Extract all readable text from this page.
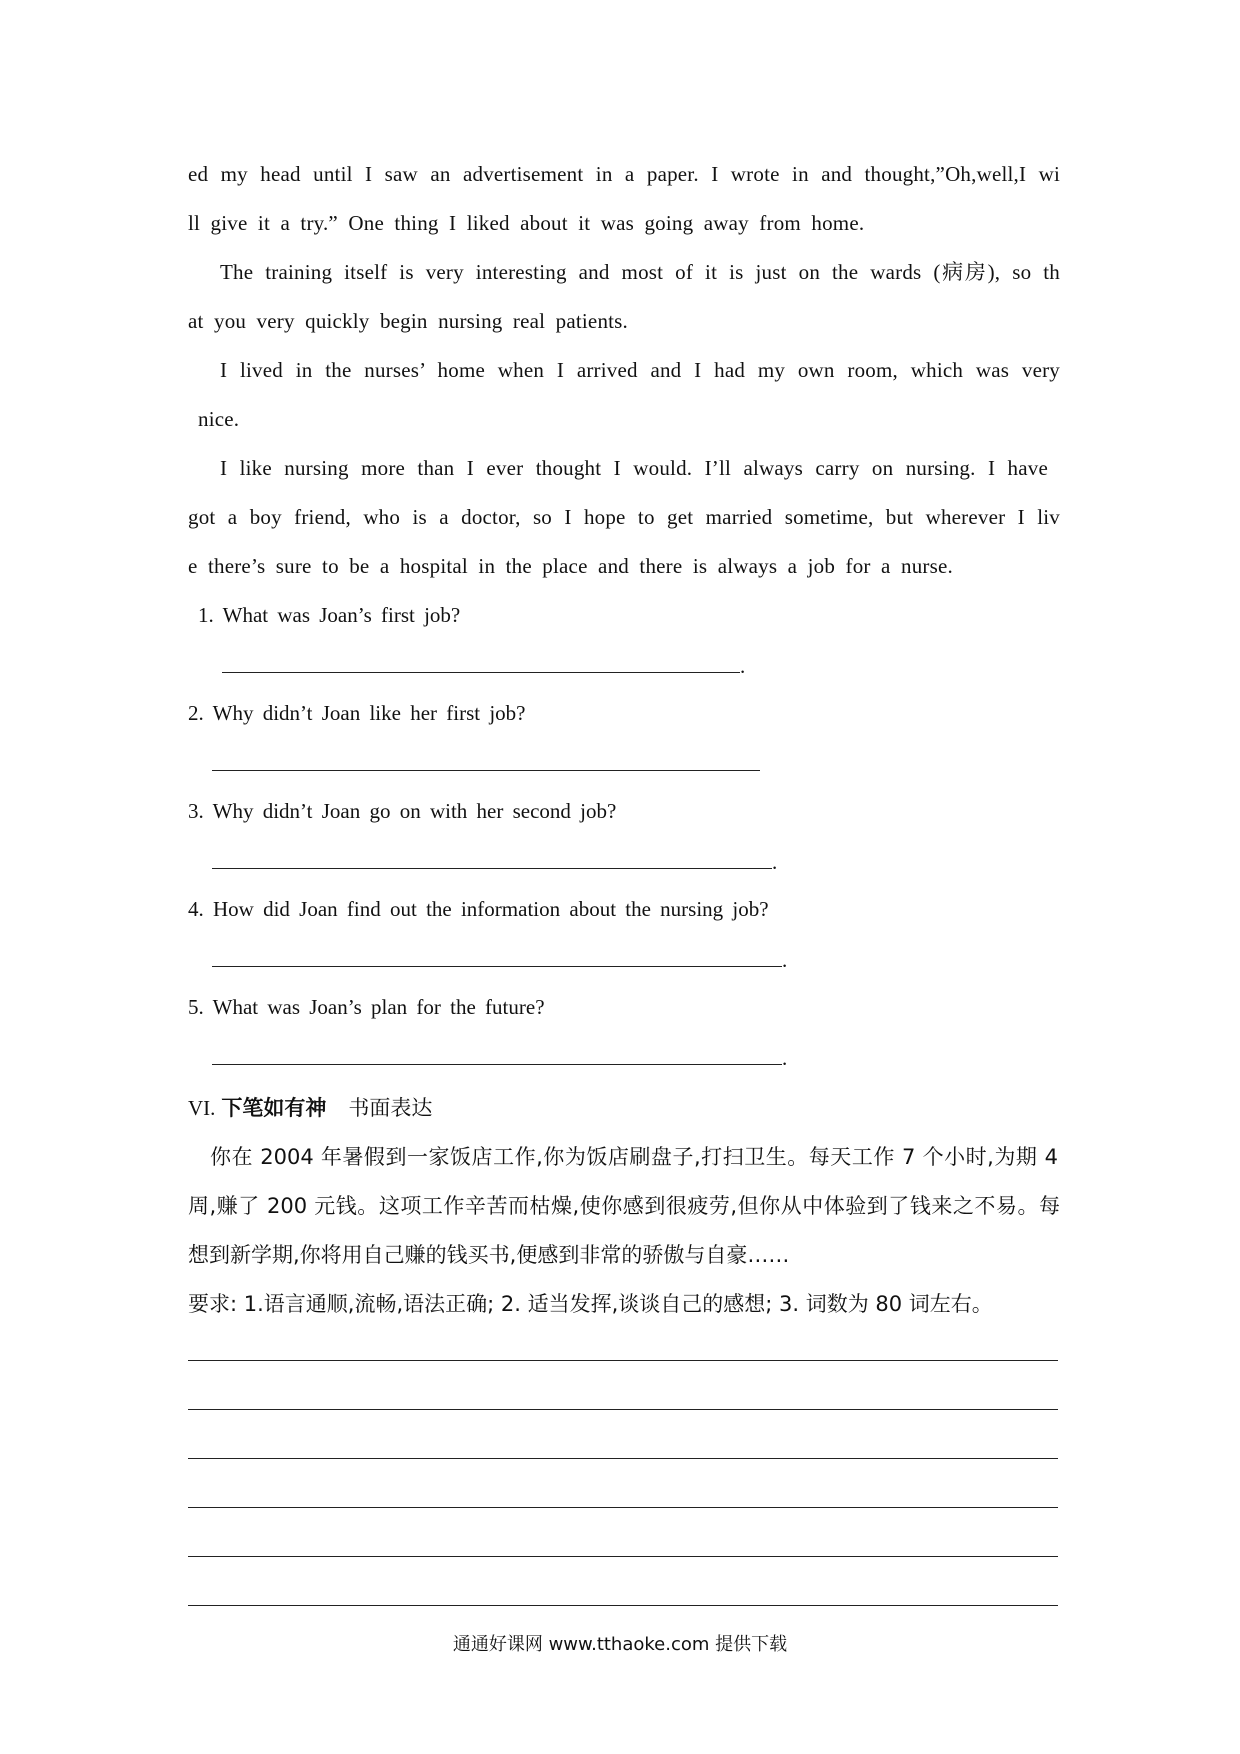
ed my head until I saw an advertisement in a paper. I wrote in and thought,”Oh,well,I wi
ll give it a try.” One thing I liked about it was going away from home.
The training itself is very interesting and most of it is just on the wards (病房), so th
at you very quickly begin nursing real patients.
I lived in the nurses’ home when I arrived and I had my own room, which was very
nice.
I like nursing more than I ever thought I would. I’ll always carry on nursing. I have
got a boy friend, who is a doctor, so I hope to get married sometime, but wherever I liv
e there’s sure to be a hospital in the place and there is always a job for a nurse.
1. What was Joan’s first job?
.
2. Why didn’t Joan like her first job?
3. Why didn’t Joan go on with her second job?
.
4. How did Joan find out the information about the nursing job?
.
5. What was Joan’s plan for the future?
.
VI. 下笔如有神 书面表达
你在 2004 年暑假到一家饭店工作,你为饭店刷盘子,打扫卫生。每天工作 7 个小时,为期 4
周,赚了 200 元钱。这项工作辛苦而枯燥,使你感到很疲劳,但你从中体验到了钱来之不易。每
想到新学期,你将用自己赚的钱买书,便感到非常的骄傲与自豪……
要求: 1.语言通顺,流畅,语法正确; 2. 适当发挥,谈谈自己的感想; 3. 词数为 80 词左右。
通通好课网 www.tthaoke.com 提供下载
